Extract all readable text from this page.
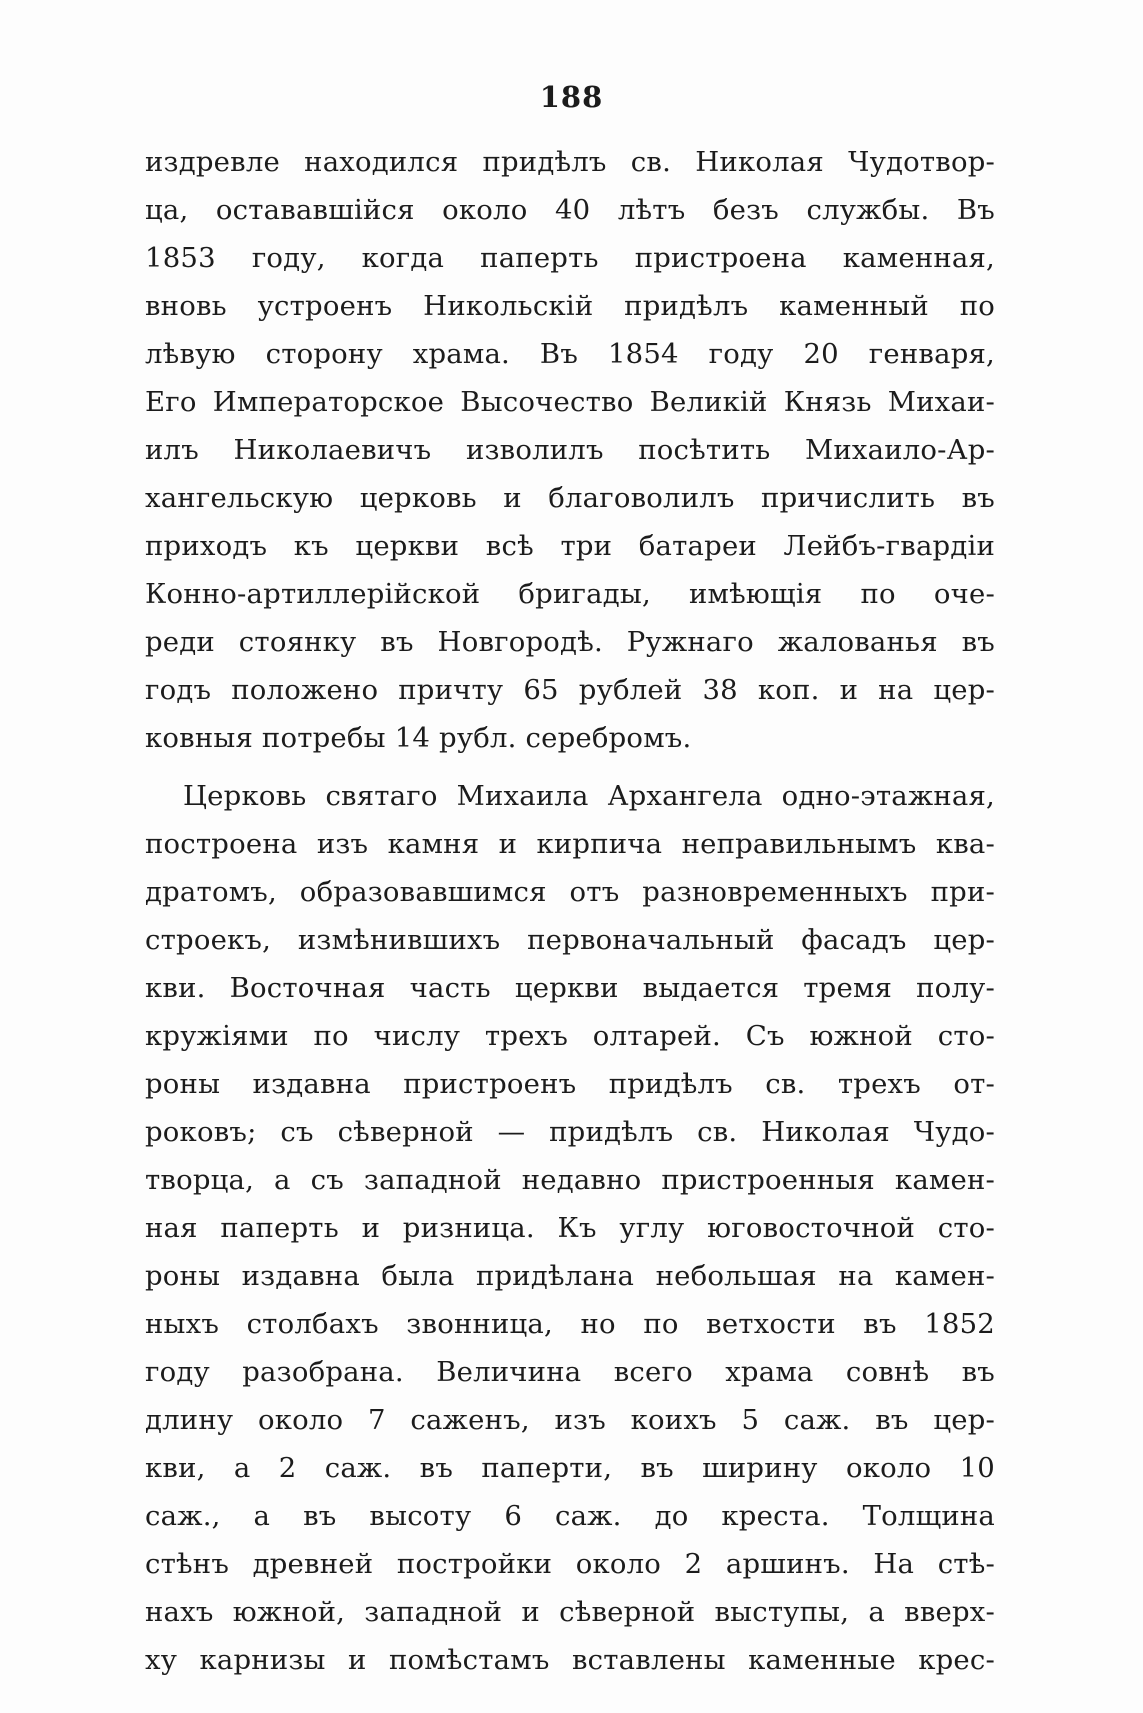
188
издревле находился придѣлъ св. Николая Чудотвор-
ца, остававшійся около 40 лѣтъ безъ службы. Въ
1853 году, когда паперть пристроена каменная,
вновь устроенъ Никольскій придѣлъ каменный по
лѣвую сторону храма. Въ 1854 году 20 генваря,
Его Императорское Высочество Великій Князь Михаи-
илъ Николаевичъ изволилъ посѣтить Михаило-Ар-
хангельскую церковь и благоволилъ причислить въ
приходъ къ церкви всѣ три батареи Лейбъ-гвардіи
Конно-артиллерійской бригады, имѣющія по оче-
реди стоянку въ Новгородѣ. Ружнаго жалованья въ
годъ положено причту 65 рублей 38 коп. и на цер-
ковныя потребы 14 рубл. серебромъ.
Церковь святаго Михаила Архангела одно-этажная,
построена изъ камня и кирпича неправильнымъ ква-
дратомъ, образовавшимся отъ разновременныхъ при-
строекъ, измѣнившихъ первоначальный фасадъ цер-
кви. Восточная часть церкви выдается тремя полу-
кружіями по числу трехъ олтарей. Съ южной сто-
роны издавна пристроенъ придѣлъ св. трехъ от-
роковъ; съ сѣверной — придѣлъ св. Николая Чудо-
творца, а съ западной недавно пристроенныя камен-
ная паперть и ризница. Къ углу юговосточной сто-
роны издавна была придѣлана небольшая на камен-
ныхъ столбахъ звонница, но по ветхости въ 1852
году разобрана. Величина всего храма совнѣ въ
длину около 7 саженъ, изъ коихъ 5 саж. въ цер-
кви, а 2 саж. въ паперти, въ ширину около 10
саж., а въ высоту 6 саж. до креста. Толщина
стѣнъ древней постройки около 2 аршинъ. На стѣ-
нахъ южной, западной и сѣверной выступы, а вверх-
ху карнизы и помѣстамъ вставлены каменные крес-
